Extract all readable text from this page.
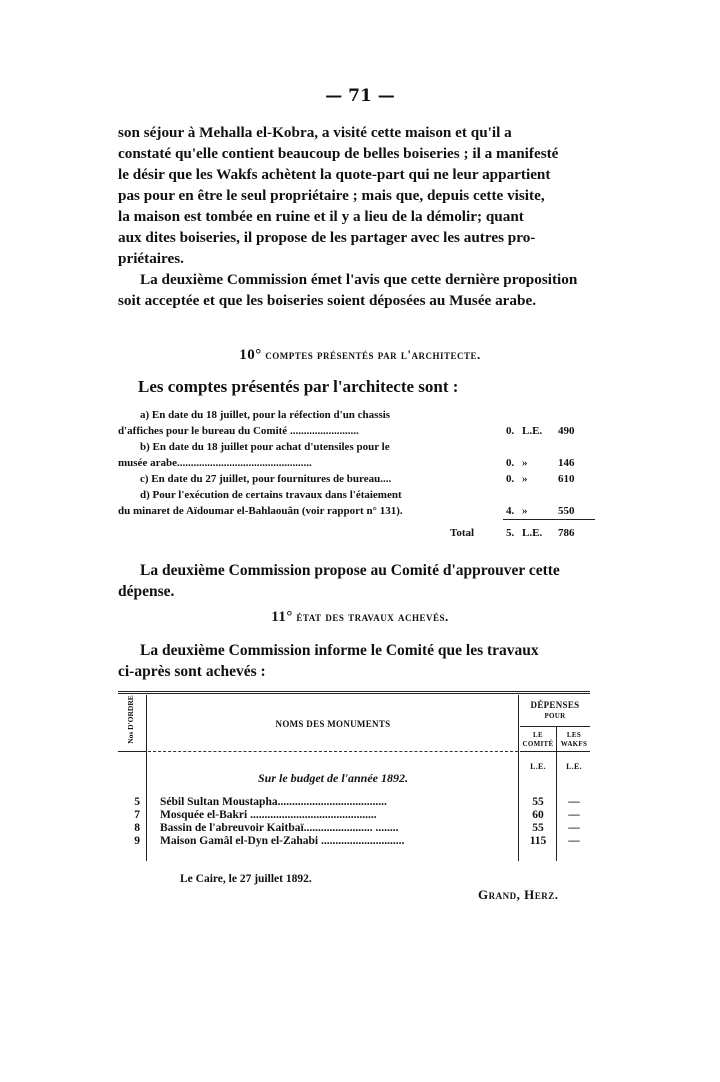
— 71 —

son séjour à Mehalla el-Kobra, a visité cette maison et qu'il a

constaté qu'elle contient beaucoup de belles boiseries ; il a manifesté

le désir que les Wakfs achètent la quote-part qui ne leur appartient

pas pour en être le seul propriétaire ; mais que, depuis cette visite,

la maison est tombée en ruine et il y a lieu de la démolir; quant

aux dites boiseries, il propose de les partager avec les autres pro-

priétaires.

La deuxième Commission émet l'avis que cette dernière proposition

soit acceptée et que les boiseries soient déposées au Musée arabe.

10° comptes présentés par l'architecte.
Les comptes présentés par l'architecte sont :
a) En date du 18 juillet, pour la réfection d'un chassis
d'affiches pour le bureau du Comité .........................	0. L.E. 490
b) En date du 18 juillet pour achat d'utensiles pour le
musée arabe.................................................	0. »	146
c) En date du 27 juillet, pour fournitures de bureau....	0. »	610
d) Pour l'exécution de certains travaux dans l'étaiement
du minaret de Aïdoumar el-Bahlaouân (voir rapport n° 131).	4. »	550
Total	5. L.E. 786

La deuxième Commission propose au Comité d'approuver cette

dépense.

11° état des travaux achevés.

La deuxième Commission informe le Comité que les travaux

ci-après sont achevés :

Nos D'ORDRE	NOMS DES MONUMENTS
DÉPENSES
POUR
LE COMITÉ
LES WAKFS
L.E.	L.E.
Sur le budget de l'année 1892.
5 Sébil Sultan Moustapha......................................	55	—
7 Mosquée el-Bakri ............................................	60	—
8 Bassin de l'abreuvoir Kaitbaï........................ ........	55	—
9 Maison Gamâl el-Dyn el-Zahabi .............................	115	—
Le Caire, le 27 juillet 1892.
Grand, Herz.
